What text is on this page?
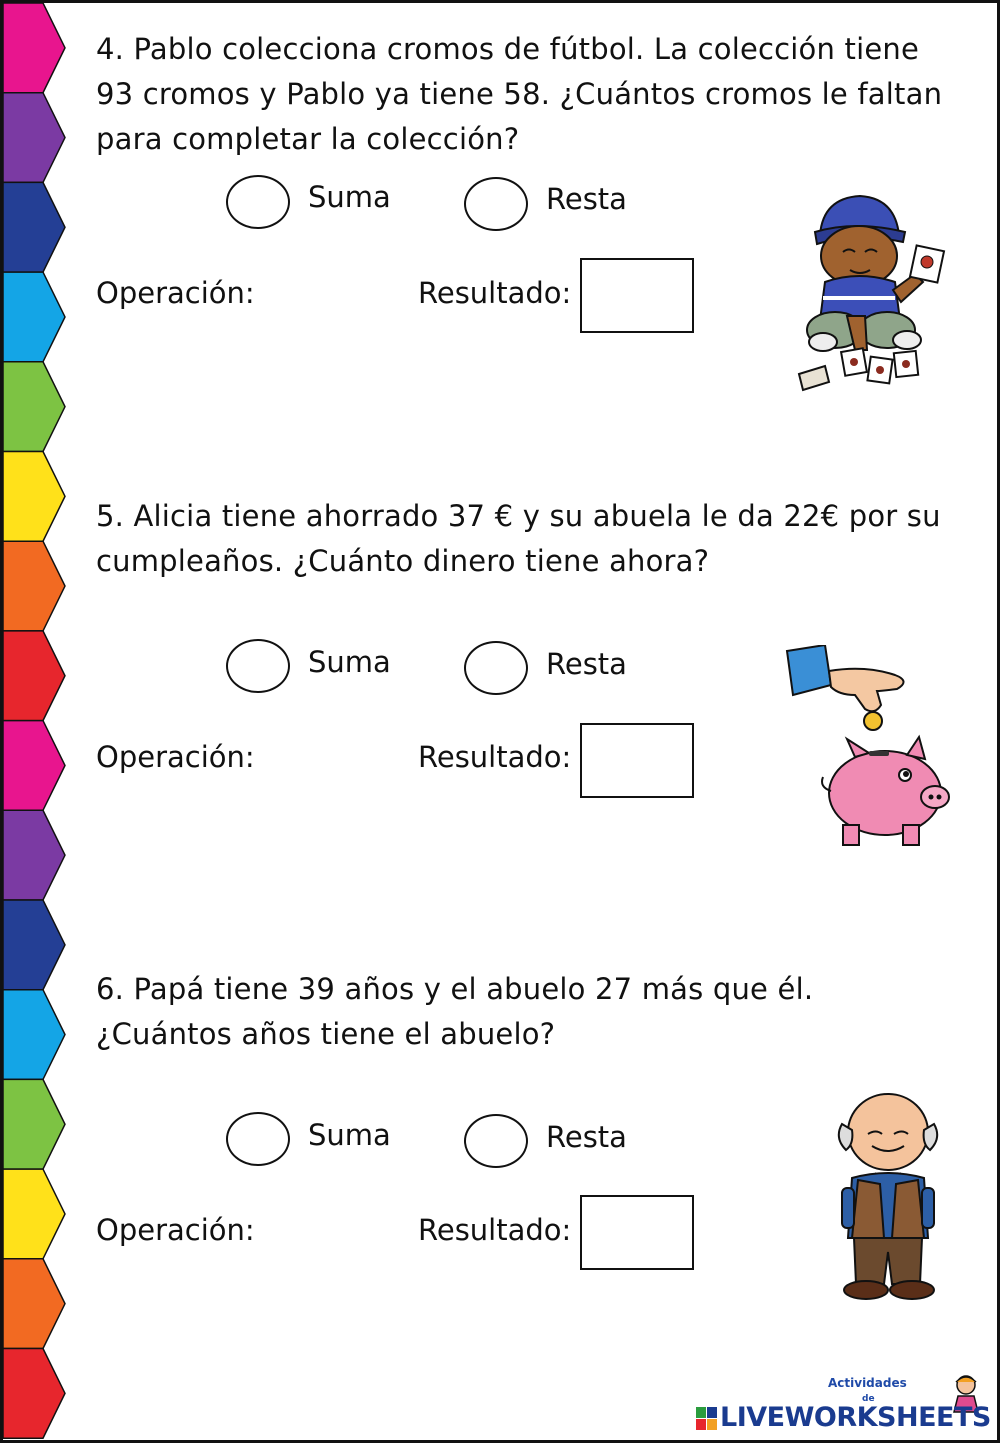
4. Pablo colecciona cromos de fútbol. La colección tiene 93 cromos y Pablo ya tiene 58. ¿Cuántos cromos le faltan para completar la colección?
Suma	Resta
Operación:	Resultado:
5. Alicia tiene ahorrado 37 € y su abuela le da 22€ por su cumpleaños. ¿Cuánto dinero tiene ahora?
Suma	Resta
Operación:	Resultado:
6. Papá tiene 39 años y el abuelo 27 más que él. ¿Cuántos años tiene el abuelo?
Suma	Resta
Operación:	Resultado:
Actividades
de
LIVEWORKSHEETS
